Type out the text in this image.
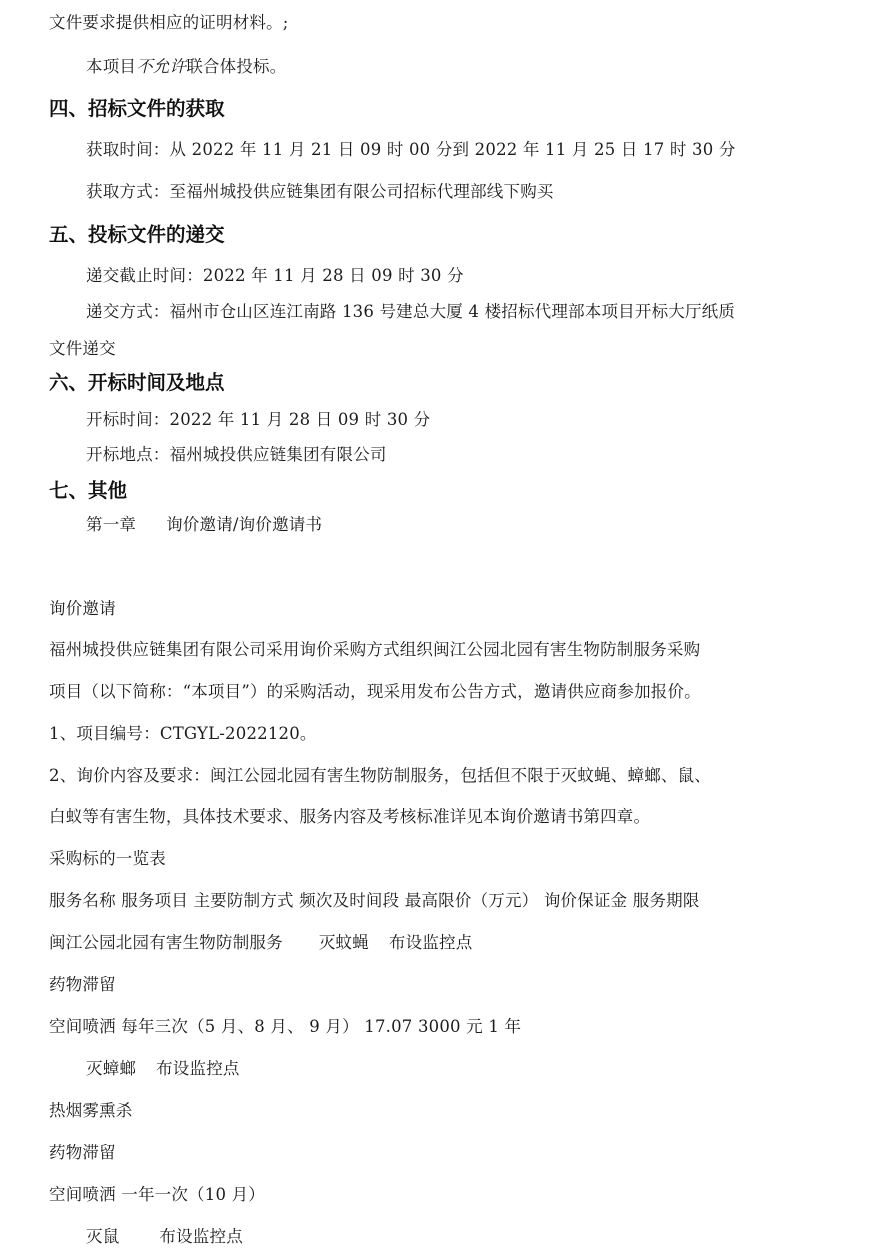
文件要求提供相应的证明材料。;
本项目不允许联合体投标。
四、招标文件的获取
获取时间：从 2022 年 11 月 21 日 09 时 00 分到 2022 年 11 月 25 日 17 时 30 分
获取方式：至福州城投供应链集团有限公司招标代理部线下购买
五、投标文件的递交
递交截止时间：2022 年 11 月 28 日 09 时 30 分
递交方式：福州市仓山区连江南路 136 号建总大厦 4 楼招标代理部本项目开标大厅纸质
文件递交
六、开标时间及地点
开标时间：2022 年 11 月 28 日 09 时 30 分
开标地点：福州城投供应链集团有限公司
七、其他
第一章 询价邀请/询价邀请书
询价邀请
福州城投供应链集团有限公司采用询价采购方式组织闽江公园北园有害生物防制服务采购
项目（以下简称：“本项目”）的采购活动，现采用发布公告方式，邀请供应商参加报价。
1、项目编号：CTGYL-2022120。
2、询价内容及要求：闽江公园北园有害生物防制服务，包括但不限于灭蚊蝇、蟑螂、鼠、
白蚁等有害生物，具体技术要求、服务内容及考核标准详见本询价邀请书第四章。
采购标的一览表
服务名称 服务项目 主要防制方式 频次及时间段 最高限价（万元） 询价保证金 服务期限
闽江公园北园有害生物防制服务 灭蚊蝇 布设监控点
药物滞留
空间喷洒 每年三次（5 月、8 月、 9 月） 17.07 3000 元 1 年
灭蟑螂 布设监控点
热烟雾熏杀
药物滞留
空间喷洒 一年一次（10 月）
灭鼠 布设监控点
